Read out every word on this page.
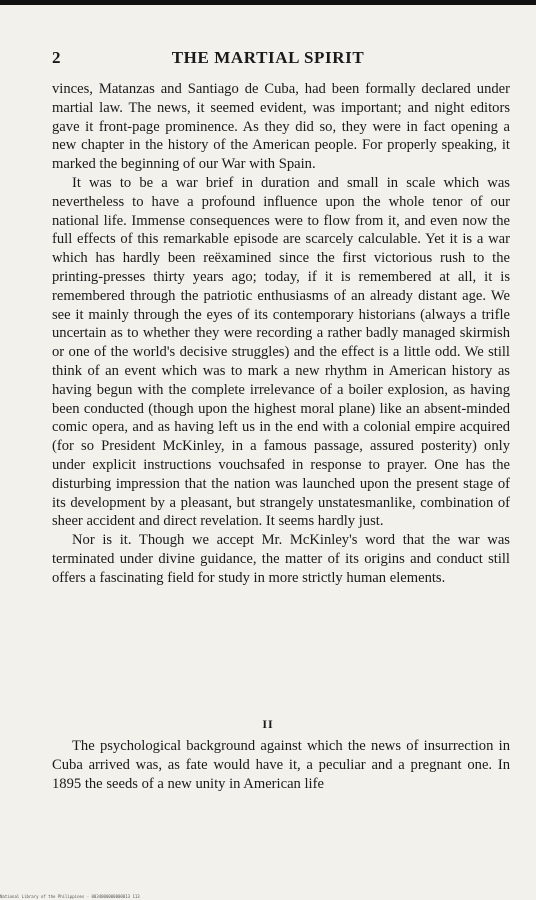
2	THE MARTIAL SPIRIT

vinces, Matanzas and Santiago de Cuba, had been formally declared under martial law. The news, it seemed evident, was important; and night editors gave it front-page prominence. As they did so, they were in fact opening a new chapter in the history of the American people. For properly speaking, it marked the beginning of our War with Spain.

It was to be a war brief in duration and small in scale which was nevertheless to have a profound influence upon the whole tenor of our national life. Immense consequences were to flow from it, and even now the full effects of this remarkable episode are scarcely calculable. Yet it is a war which has hardly been reëxamined since the first victorious rush to the printing-presses thirty years ago; today, if it is remembered at all, it is remembered through the patriotic enthusiasms of an already distant age. We see it mainly through the eyes of its contemporary historians (always a trifle uncertain as to whether they were recording a rather badly managed skirmish or one of the world's decisive struggles) and the effect is a little odd. We still think of an event which was to mark a new rhythm in American history as having begun with the complete irrelevance of a boiler explosion, as having been conducted (though upon the highest moral plane) like an absent-minded comic opera, and as having left us in the end with a colonial empire acquired (for so President McKinley, in a famous passage, assured posterity) only under explicit instructions vouchsafed in response to prayer. One has the disturbing impression that the nation was launched upon the present stage of its development by a pleasant, but strangely unstatesmanlike, combination of sheer accident and direct revelation. It seems hardly just.

Nor is it. Though we accept Mr. McKinley's word that the war was terminated under divine guidance, the matter of its origins and conduct still offers a fascinating field for study in more strictly human elements.

II

The psychological background against which the news of insurrection in Cuba arrived was, as fate would have it, a peculiar and a pregnant one. In 1895 the seeds of a new unity in American life

National Library of the Philippines · 0034000000000013 113
